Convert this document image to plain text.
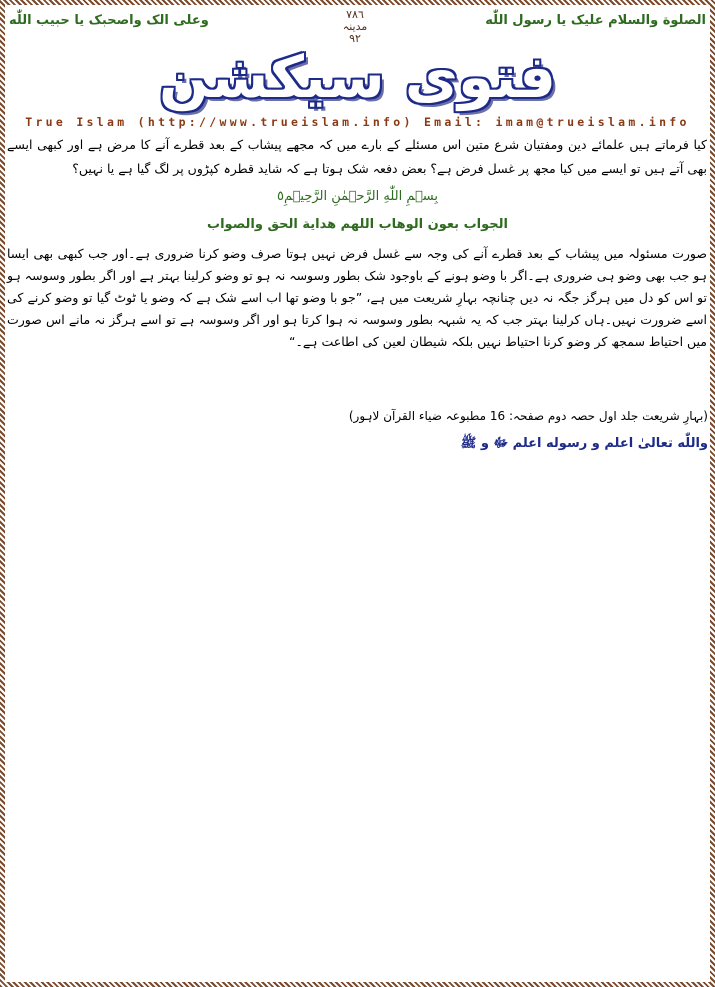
الصلوة والسلام علیک یا رسول اللّٰه
۷٨٦
مدینہ
۹۲
وعلی الک واصحبک یا حبیب اللّٰه
فتوی سیکشن
True Islam (http://www.trueislam.info) Email: imam@trueislam.info
کیا فرماتے ہیں علمائے دین ومفتیان شرع متین اس مسئلے کے بارے میں کہ مجھے پیشاب کے بعد قطرے آنے کا مرض ہے اور کبھی ایسے بھی آتے ہیں تو ایسے میں کیا مجھ پر غسل فرض ہے؟ بعض دفعہ شک ہوتا ہے کہ شاید قطرہ کپڑوں پر لگ گیا ہے یا نہیں؟
بِسۡمِ اللّٰهِ الرَّحۡمٰنِ الرَّحِیۡمِ٥
الجواب بعون الوهاب اللهم هداية الحق والصواب
صورت مسئولہ میں پیشاب کے بعد قطرے آنے کی وجہ سے غسل فرض نہیں ہوتا صرف وضو کرنا ضروری ہے۔اور جب کبھی بھی ایسا ہو جب بھی وضو ہی ضروری ہے۔اگر با وضو ہونے کے باوجود شک بطور وسوسہ نہ ہو تو وضو کرلینا بہتر ہے اور اگر بطور وسوسہ ہو تو اس کو دل میں ہرگز جگہ نہ دیں چنانچہ بہارِ شریعت میں ہے، ”جو با وضو تھا اب اسے شک ہے کہ وضو یا ٹوٹ گیا تو وضو کرنے کی اسے ضرورت نہیں۔ہاں کرلینا بہتر جب کہ یہ شبہہ بطور وسوسہ نہ ہوا کرتا ہو اور اگر وسوسہ ہے تو اسے ہرگز نہ مانے اس صورت میں احتیاط سمجھ کر وضو کرنا احتیاط نہیں بلکہ شیطان لعین کی اطاعت ہے۔“
(بہارِ شریعت جلد اول حصہ دوم صفحہ: 16 مطبوعہ ضیاء القرآن لاہور)
واللّٰه تعالیٰ اعلم و رسوله اعلم ﷻ و ﷺ
